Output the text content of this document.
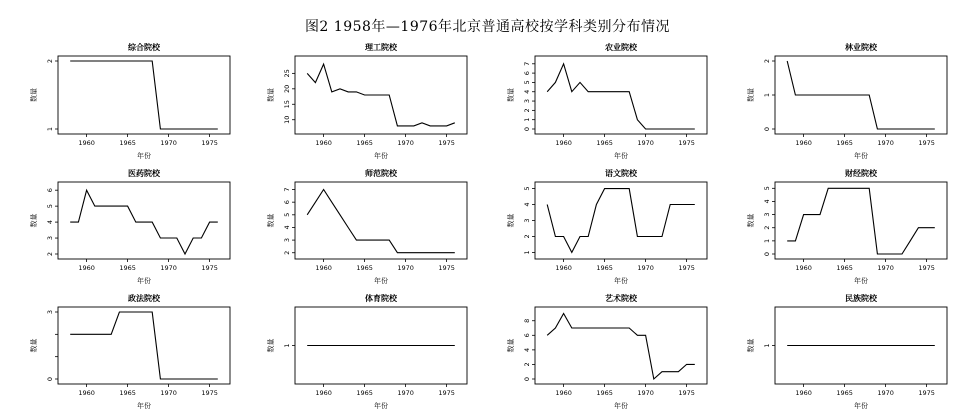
图2 1958年—1976年北京普通高校按学科类别分布情况
综合院校
1960	1965	1970	1975
1
2
年份
数量
理工院校
1960	1965	1970	1975
10
15
20
25
年份
数量
农业院校
1960	1965	1970	1975
0
1
2
3
4
5
6
7
年份
数量
林业院校
1960	1965	1970	1975
0
1
2
年份
数量
医药院校
1960	1965	1970	1975
2
3
4
5
6
年份
数量
师范院校
1960	1965	1970	1975
2
3
4
5
6
7
年份
数量
语文院校
1960	1965	1970	1975
1
2
3
4
5
年份
数量
财经院校
1960	1965	1970	1975
0
1
2
3
4
5
年份
数量
政法院校
1960	1965	1970	1975
0
3
年份
数量
体育院校
1960	1965	1970	1975
1
年份
数量
艺术院校
1960	1965	1970	1975
0
2
4
6
8
年份
数量
民族院校
1960	1965	1970	1975
1
年份
数量
